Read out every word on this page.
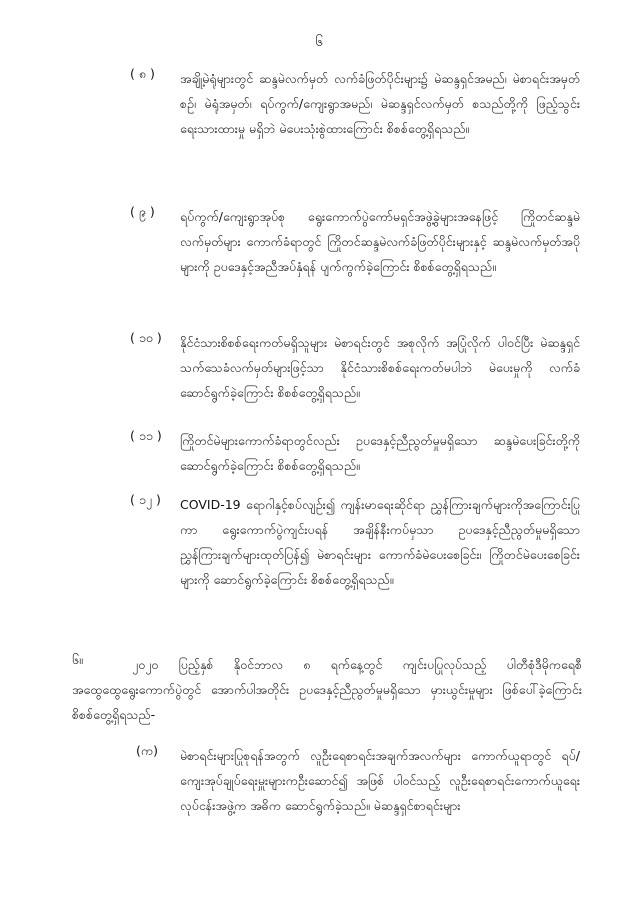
၆
( ၈ ) အချို့မဲရုံများတွင် ဆန္ဒမဲလက်မှတ် လက်ခံဖြတ်ပိုင်းများ၌ မဲဆန္ဒရှင်အမည်၊ မဲစာရင်းအမှတ်စဉ်၊ မဲရုံအမှတ်၊ ရပ်ကွက်/ကျေးရွာအမည်၊ မဲဆန္ဒရှင်လက်မှတ် စသည်တို့ကို ဖြည့်သွင်းရေးသားထားမှု မရှိဘဲ မဲပေးသုံးစွဲထားကြောင်း စိစစ်တွေ့ရှိရသည်။
( ၉ ) ရပ်ကွက်/ကျေးရွာအုပ်စု ရွေးကောက်ပွဲကော်မရှင်အဖွဲ့ခွဲများအနေဖြင့် ကြိုတင်ဆန္ဒမဲလက်မှတ်များ ကောက်ခံရာတွင် ကြိုတင်ဆန္ဒမဲလက်ခံဖြတ်ပိုင်းများနှင့် ဆန္ဒမဲလက်မှတ်အပိုများကို ဥပဒေနှင့်အညီအပ်နှံရန် ပျက်ကွက်ခဲ့ကြောင်း စိစစ်တွေ့ရှိရသည်။
( ၁၀ ) နိုင်ငံသားစိစစ်ရေးကတ်မရှိသူများ မဲစာရင်းတွင် အစုလိုက် အပြုံလိုက် ပါဝင်ပြီး မဲဆန္ဒရှင်သက်သေခံလက်မှတ်များဖြင့်သာ နိုင်ငံသားစိစစ်ရေးကတ်မပါဘဲ မဲပေးမှုကို လက်ခံဆောင်ရွက်ခဲ့ကြောင်း စိစစ်တွေ့ရှိရသည်။
( ၁၁ ) ကြိုတင်မဲများကောက်ခံရာတွင်လည်း ဥပဒေနှင့်ညီညွတ်မှုမရှိသော ဆန္ဒမဲပေးခြင်းတို့ကို ဆောင်ရွက်ခဲ့ကြောင်း စိစစ်တွေ့ရှိရသည်။
( ၁၂ ) COVID-19 ရောဂါနှင့်စပ်လျဉ်း၍ ကျန်းမာရေးဆိုင်ရာ ညွှန်ကြားချက်များကိုအကြောင်းပြုကာ ရွေးကောက်ပွဲကျင်းပရန် အချိန်နီးကပ်မှသာ ဥပဒေနှင့်ညီညွတ်မှုမရှိသော ညွှန်ကြားချက်များထုတ်ပြန်၍ မဲစာရင်းများ ကောက်ခံမဲပေးစေခြင်း၊ ကြိုတင်မဲပေးစေခြင်းများကို ဆောင်ရွက်ခဲ့ကြောင်း စိစစ်တွေ့ရှိရသည်။
၆။	၂၀၂၀ ပြည့်နှစ် နိုဝင်ဘာလ ၈ ရက်နေ့တွင် ကျင်းပပြုလုပ်သည့် ပါတီစုံဒီမိုကရေစီအထွေထွေရွေးကောက်ပွဲတွင် အောက်ပါအတိုင်း ဥပဒေနှင့်ညီညွတ်မှုမရှိသော မှားယွင်းမှုများ ဖြစ်ပေါ်ခဲ့ကြောင်း စိစစ်တွေ့ရှိရသည်-
(က) မဲစာရင်းများပြုစုရန်အတွက် လူဦးရေစာရင်းအချက်အလက်များ ကောက်ယူရာတွင် ရပ်/ကျေးအုပ်ချုပ်ရေးမှူးများကဦးဆောင်၍ အဖြစ် ပါဝင်သည့် လူဦးရေစာရင်းကောက်ယူရေးလုပ်ငန်းအဖွဲ့က အဓိက ဆောင်ရွက်ခဲ့သည်။ မဲဆန္ဒရှင်စာရင်းများ
